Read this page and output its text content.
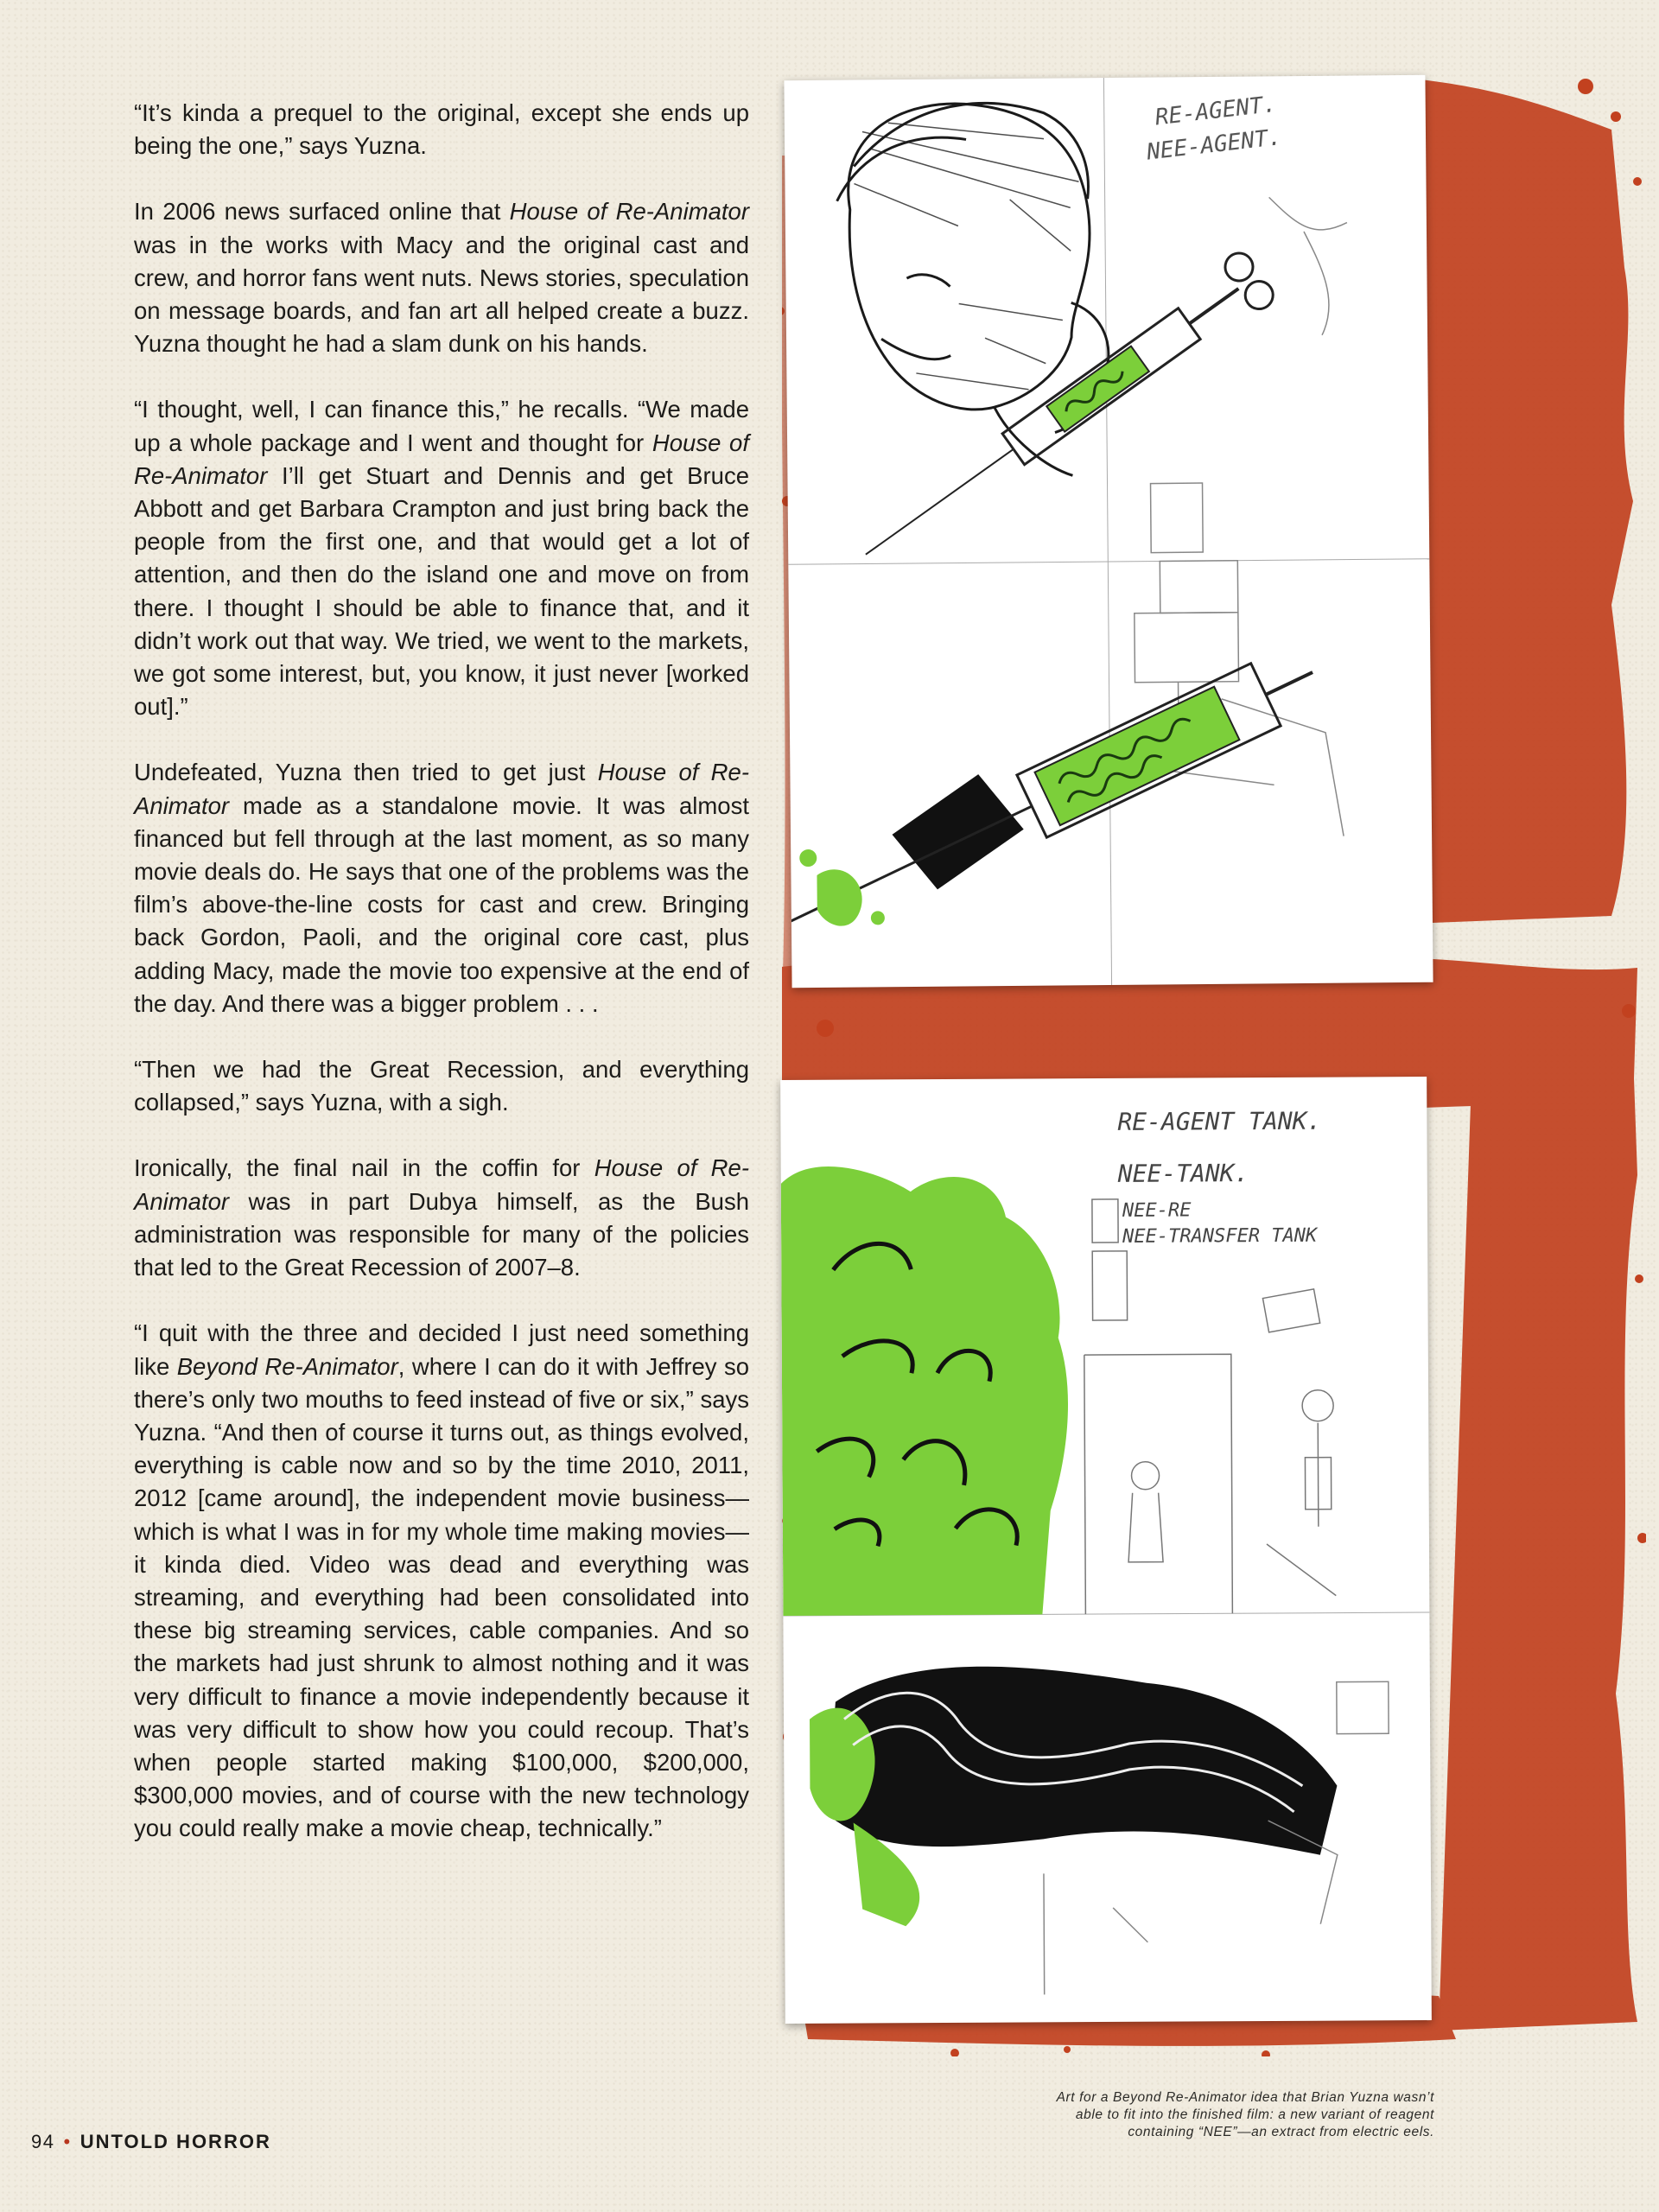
“It’s kinda a prequel to the original, except she ends up being the one,” says Yuzna.

In 2006 news surfaced online that House of Re-Animator was in the works with Macy and the original cast and crew, and horror fans went nuts. News stories, speculation on message boards, and fan art all helped create a buzz. Yuzna thought he had a slam dunk on his hands.

“I thought, well, I can finance this,” he recalls. “We made up a whole package and I went and thought for House of Re-Animator I’ll get Stuart and Dennis and get Bruce Abbott and get Barbara Crampton and just bring back the people from the first one, and that would get a lot of attention, and then do the island one and move on from there. I thought I should be able to finance that, and it didn’t work out that way. We tried, we went to the markets, we got some interest, but, you know, it just never [worked out].”

Undefeated, Yuzna then tried to get just House of Re-Animator made as a standalone movie. It was almost financed but fell through at the last moment, as so many movie deals do. He says that one of the problems was the film’s above-the-line costs for cast and crew. Bringing back Gordon, Paoli, and the original core cast, plus adding Macy, made the movie too expensive at the end of the day. And there was a bigger problem . . .

“Then we had the Great Recession, and everything collapsed,” says Yuzna, with a sigh.

Ironically, the final nail in the coffin for House of Re-Animator was in part Dubya himself, as the Bush administration was responsible for many of the policies that led to the Great Recession of 2007–8.

“I quit with the three and decided I just need something like Beyond Re-Animator, where I can do it with Jeffrey so there’s only two mouths to feed instead of five or six,” says Yuzna. “And then of course it turns out, as things evolved, everything is cable now and so by the time 2010, 2011, 2012 [came around], the independent movie business—which is what I was in for my whole time making movies—it kinda died. Video was dead and everything was streaming, and everything had been consolidated into these big streaming services, cable companies. And so the markets had just shrunk to almost nothing and it was very difficult to finance a movie independently because it was very difficult to show how you could recoup. That’s when people started making $100,000, $200,000, $300,000 movies, and of course with the new technology you could really make a movie cheap, technically.”

RE-AGENT.
NEE-AGENT.
RE-AGENT TANK.
NEE-TANK.
NEE-RE
NEE-TRANSFER TANK
Art for a Beyond Re-Animator idea that Brian Yuzna wasn’t
able to fit into the finished film: a new variant of reagent
containing “NEE”—an extract from electric eels.
94 • UNTOLD HORROR
